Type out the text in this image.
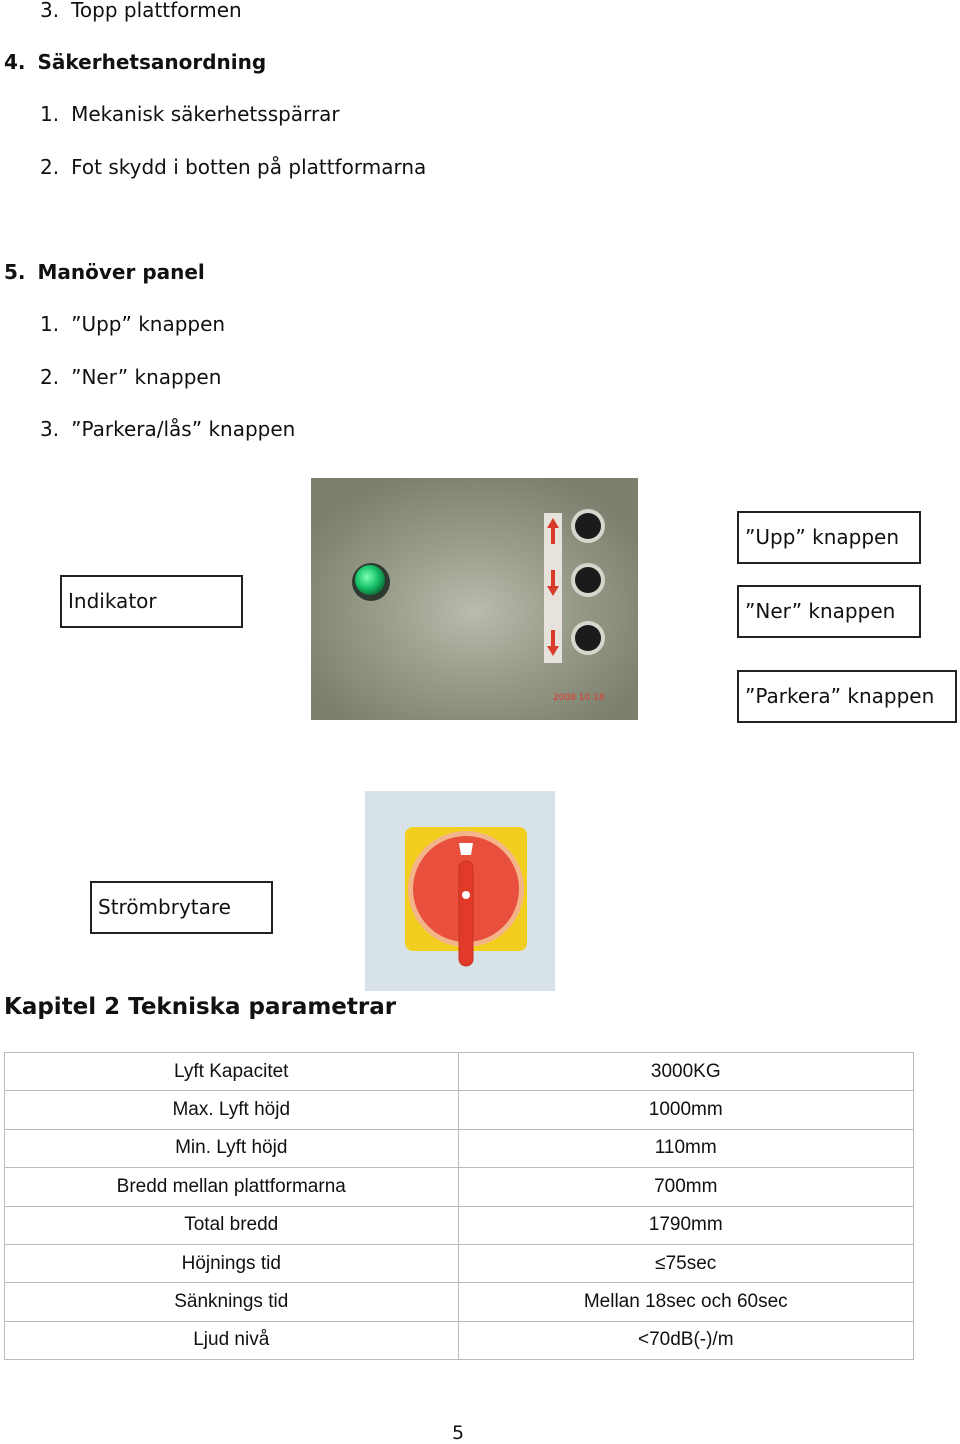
3. Topp plattformen
4. Säkerhetsanordning
1. Mekanisk säkerhetsspärrar
2. Fot skydd i botten på plattformarna
5. Manöver panel
1. ”Upp” knappen
2. ”Ner” knappen
3. ”Parkera/lås” knappen
2008 10 18
Indikator
”Upp” knappen
”Ner” knappen
”Parkera” knappen
Strömbrytare
Kapitel 2 Tekniska parametrar
Lyft Kapacitet	3000KG
Max. Lyft höjd	1000mm
Min. Lyft höjd	110mm
Bredd mellan plattformarna	700mm
Total bredd	1790mm
Höjnings tid	≤75sec
Sänknings tid	Mellan 18sec och 60sec
Ljud nivå	<70dB(-)/m
5
